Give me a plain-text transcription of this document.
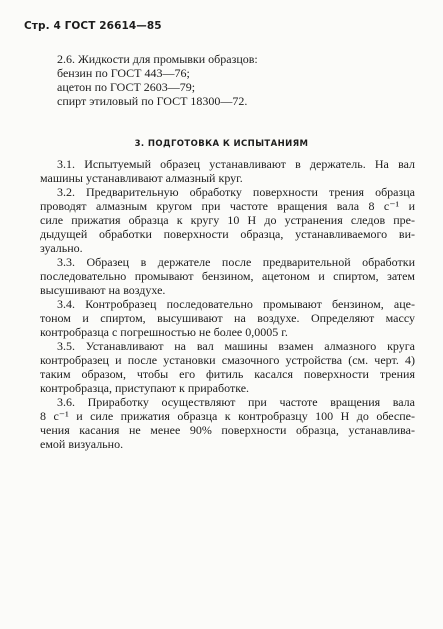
Стр. 4 ГОСТ 26614—85
2.6. Жидкости для промывки образцов:
бензин по ГОСТ 443—76;
ацетон по ГОСТ 2603—79;
спирт этиловый по ГОСТ 18300—72.
3. ПОДГОТОВКА К ИСПЫТАНИЯМ
3.1. Испытуемый образец устанавливают в держатель. На вал
машины устанавливают алмазный круг.
3.2. Предварительную обработку поверхности трения образца
проводят алмазным кругом при частоте вращения вала 8 с⁻¹ и
силе прижатия образца к кругу 10 Н до устранения следов пре-
дыдущей обработки поверхности образца, устанавливаемого ви-
зуально.
3.3. Образец в держателе после предварительной обработки
последовательно промывают бензином, ацетоном и спиртом, затем
высушивают на воздухе.
3.4. Контробразец последовательно промывают бензином, аце-
тоном и спиртом, высушивают на воздухе. Определяют массу
контробразца с погрешностью не более 0,0005 г.
3.5. Устанавливают на вал машины взамен алмазного круга
контробразец и после установки смазочного устройства (см. черт. 4)
таким образом, чтобы его фитиль касался поверхности трения
контробразца, приступают к приработке.
3.6. Приработку осуществляют при частоте вращения вала
8 с⁻¹ и силе прижатия образца к контробразцу 100 Н до обеспе-
чения касания не менее 90% поверхности образца, устанавлива-
емой визуально.
